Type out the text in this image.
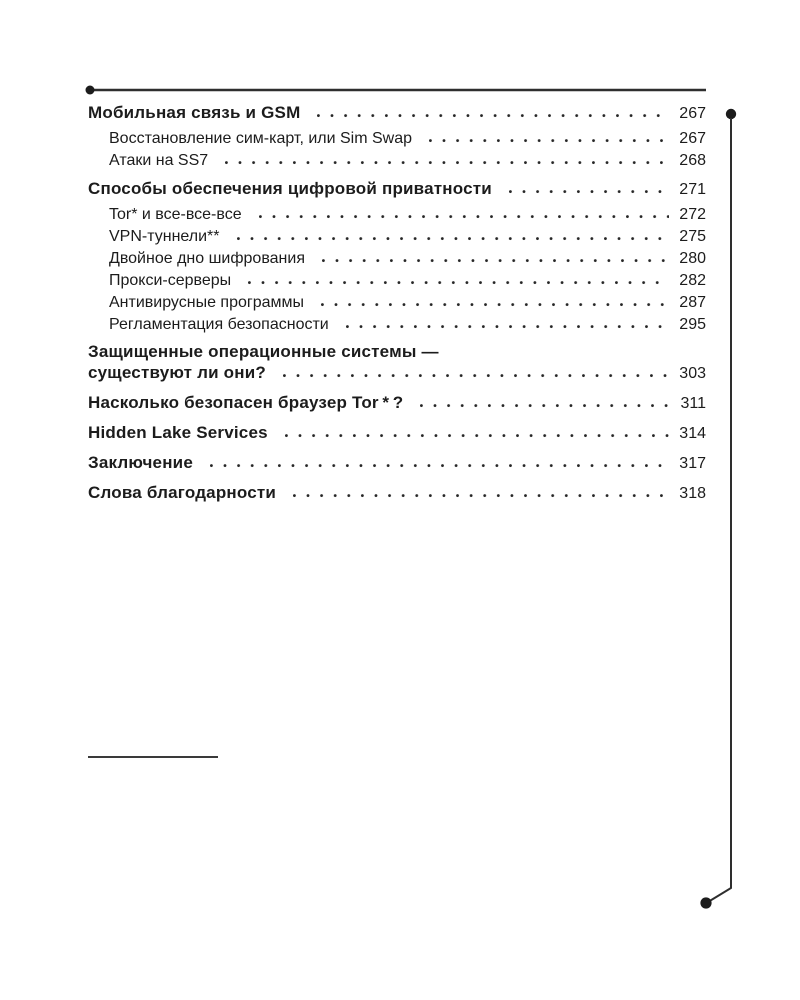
Мобильная связь и GSM	267
Восстановление сим-карт, или Sim Swap	267
Атаки на SS7	268
Способы обеспечения цифровой приватности	271
Tor* и все-все-все	272
VPN-туннели**	275
Двойное дно шифрования	280
Прокси-серверы	282
Антивирусные программы	287
Регламентация безопасности	295
Защищенные операционные системы —
существуют ли они?	303
Насколько безопасен браузер Tor * ?	311
Hidden Lake Services	314
Заключение	317
Слова благодарности	318
